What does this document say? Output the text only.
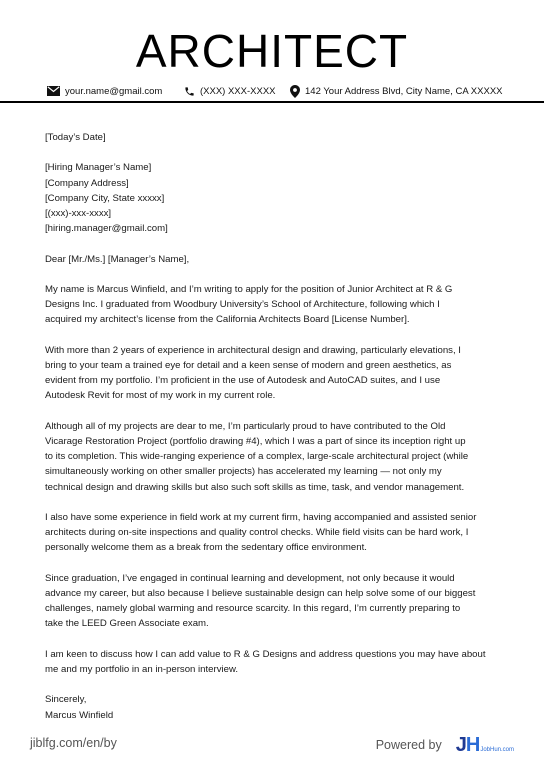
ARCHITECT
your.name@gmail.com	(XXX) XXX-XXXX	142 Your Address Blvd, City Name, CA XXXXX
[Today’s Date]
[Hiring Manager’s Name]
[Company Address]
[Company City, State xxxxx]
[(xxx)-xxx-xxxx]
[hiring.manager@gmail.com]
Dear [Mr./Ms.] [Manager’s Name],
My name is Marcus Winfield, and I’m writing to apply for the position of Junior Architect at R & G
Designs Inc. I graduated from Woodbury University’s School of Architecture, following which I
acquired my architect’s license from the California Architects Board [License Number].
With more than 2 years of experience in architectural design and drawing, particularly elevations, I
bring to your team a trained eye for detail and a keen sense of modern and green aesthetics, as
evident from my portfolio. I’m proficient in the use of Autodesk and AutoCAD suites, and I use
Autodesk Revit for most of my work in my current role.
Although all of my projects are dear to me, I’m particularly proud to have contributed to the Old
Vicarage Restoration Project (portfolio drawing #4), which I was a part of since its inception right up
to its completion. This wide-ranging experience of a complex, large-scale architectural project (while
simultaneously working on other smaller projects) has accelerated my learning — not only my
technical design and drawing skills but also such soft skills as time, task, and vendor management.
I also have some experience in field work at my current firm, having accompanied and assisted senior
architects during on-site inspections and quality control checks. While field visits can be hard work, I
personally welcome them as a break from the sedentary office environment.
Since graduation, I’ve engaged in continual learning and development, not only because it would
advance my career, but also because I believe sustainable design can help solve some of our biggest
challenges, namely global warming and resource scarcity. In this regard, I’m currently preparing to
take the LEED Green Associate exam.
I am keen to discuss how I can add value to R & G Designs and address questions you may have about
me and my portfolio in an in-person interview.
Sincerely,
Marcus Winfield
jiblfg.com/en/by	Powered by J H JobHun.com
